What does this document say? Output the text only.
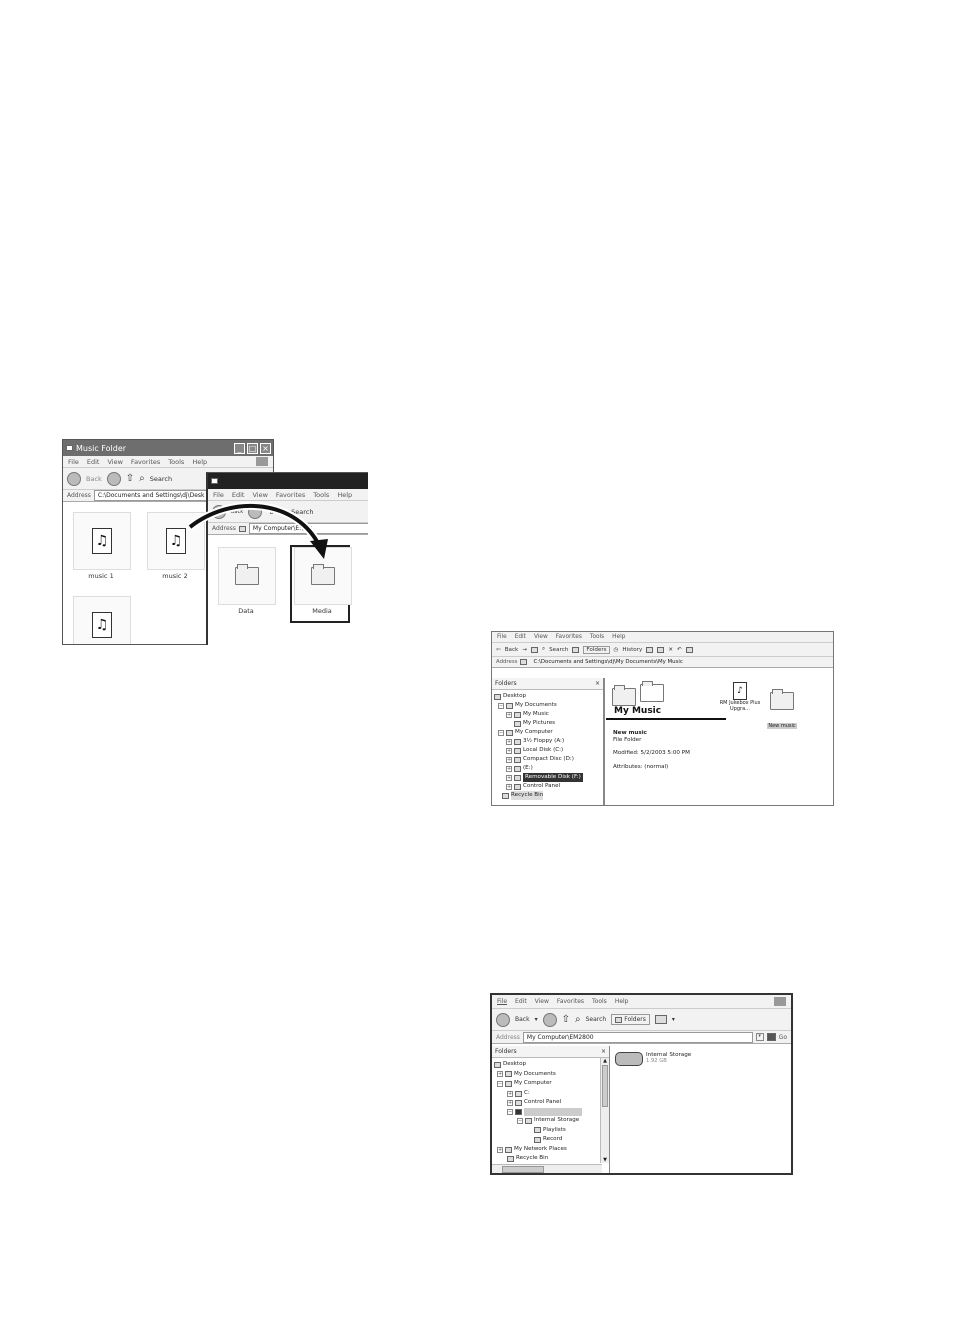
Music Folder	_ □ ×
File Edit View Favorites Tools Help
Back ⇧ ⌕ Search
Address	C:\Documents and Settings\dj\Desk
♫
music 1
♫
music 2
♫
File Edit View Favorites Tools Help
Back ⇧ ⌕ Search
Address	My Computer\E:\...s
Data	Media
File Edit View Favorites Tools Help
⇦ Back →	⌕ Search	Folders	◷ History	✕ ↶
Address	C:\Documents and Settings\dj\My Documents\My Music
Folders	×
Desktop
− My Documents
+ My Music
My Pictures
− My Computer
+ 3½ Floppy (A:)
+ Local Disk (C:)
+ Compact Disc (D:)
+ (E:)
+	Removable Disk (F:)
+ Control Panel
Recycle Bin
My Music
New music
File Folder
Modified: 5/2/2003 5:00 PM
Attributes: (normal)
♪
RM Jukebox Plus Upgra...
New music
File Edit View Favorites Tools Help
Back ▾ ⇧ ⌕ Search	Folders	▾
Address	My Computer\EM2800	▾	Go
Folders	×
Desktop
+ My Documents
− My Computer
+ C:
+ Control Panel
−
− Internal Storage
Playlists
Record
+ My Network Places
Recycle Bin
▲
▼
Internal Storage
1.92 GB
